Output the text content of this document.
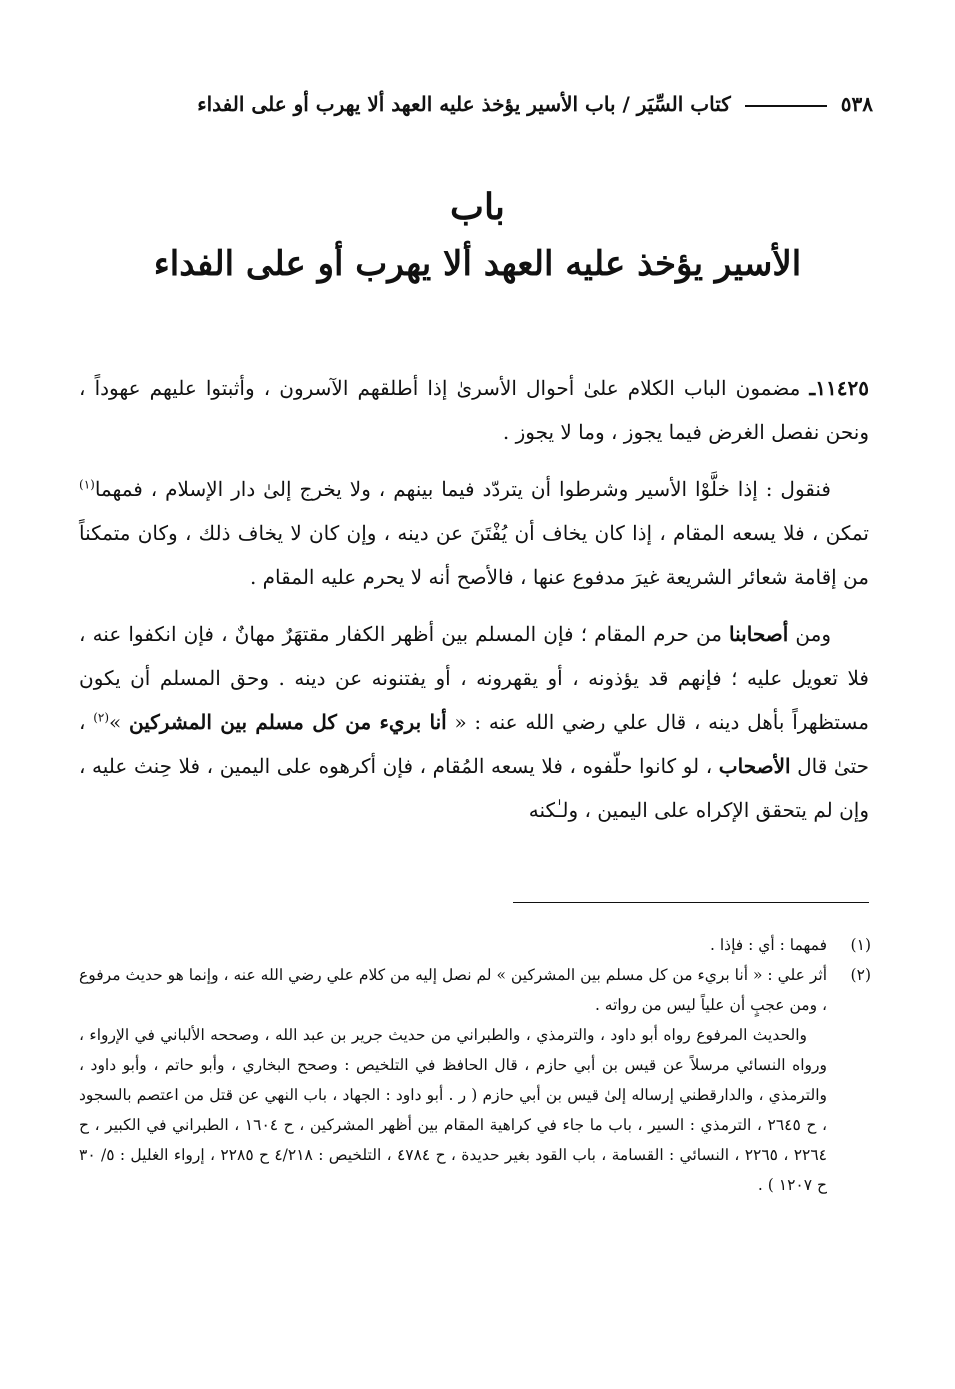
٥٣٨
كتاب السِّيَر / باب الأسير يؤخذ عليه العهد ألا يهرب أو على الفداء
باب
الأسير يؤخذ عليه العهد ألا يهرب أو على الفداء

١١٤٢٥ـ مضمون الباب الكلام علىٰ أحوال الأسرىٰ إذا أطلقهم الآسرون ، وأثبتوا عليهم عهوداً ، ونحن نفصل الغرض فيما يجوز ، وما لا يجوز .

فنقول : إذا خلَّوْا الأسير وشرطوا أن يتردّد فيما بينهم ، ولا يخرج إلىٰ دار الإسلام ، فمهما$^{(١)}$ تمكن ، فلا يسعه المقام ، إذا كان يخاف أن يُفْتَنَ عن دينه ، وإن كان لا يخاف ذلك ، وكان متمكناً من إقامة شعائر الشريعة غيرَ مدفوع عنها ، فالأصح أنه لا يحرم عليه المقام .

ومن أصحابنا من حرم المقام ؛ فإن المسلم بين أظهر الكفار مقتهَرٌ مهانٌ ، فإن انكفوا عنه ، فلا تعويل عليه ؛ فإنهم قد يؤذونه ، أو يقهرونه ، أو يفتنونه عن دينه . وحق المسلم أن يكون مستظهراً بأهل دينه ، قال علي رضي الله عنه : « أنا بريء من كل مسلم بين المشركين »$^{(٢)}$ ، حتىٰ قال الأصحاب ، لو كانوا حلّفوه ، فلا يسعه المُقام ، فإن أكرهوه على اليمين ، فلا حِنث عليه ، وإن لم يتحقق الإكراه على اليمين ، ولـٰكنه

(١)

فمهما : أي : فإذا .

(٢)

أثر علي : « أنا بريء من كل مسلم بين المشركين » لم نصل إليه من كلام علي رضي الله عنه ، وإنما هو حديث مرفوع ، ومن عجبٍ أن علياً ليس من رواته .

والحديث المرفوع رواه أبو داود ، والترمذي ، والطبراني من حديث جرير بن عبد الله ، وصححه الألباني في الإرواء ، ورواه النسائي مرسلاً عن قيس بن أبي حازم ، قال الحافظ في التلخيص : وصحح البخاري ، وأبو حاتم ، وأبو داود ، والترمذي ، والدارقطني إرساله إلىٰ قيس بن أبي حازم ( ر . أبو داود : الجهاد ، باب النهي عن قتل من اعتصم بالسجود ، ح ٢٦٤٥ ، الترمذي : السير ، باب ما جاء في كراهية المقام بين أظهر المشركين ، ح ١٦٠٤ ، الطبراني في الكبير ، ح ٢٢٦٤ ، ٢٢٦٥ ، النسائي : القسامة ، باب القود بغير حديدة ، ح ٤٧٨٤ ، التلخيص : ٤/٢١٨ ح ٢٢٨٥ ، إرواء الغليل : ٥/ ٣٠ ح ١٢٠٧ ) .
